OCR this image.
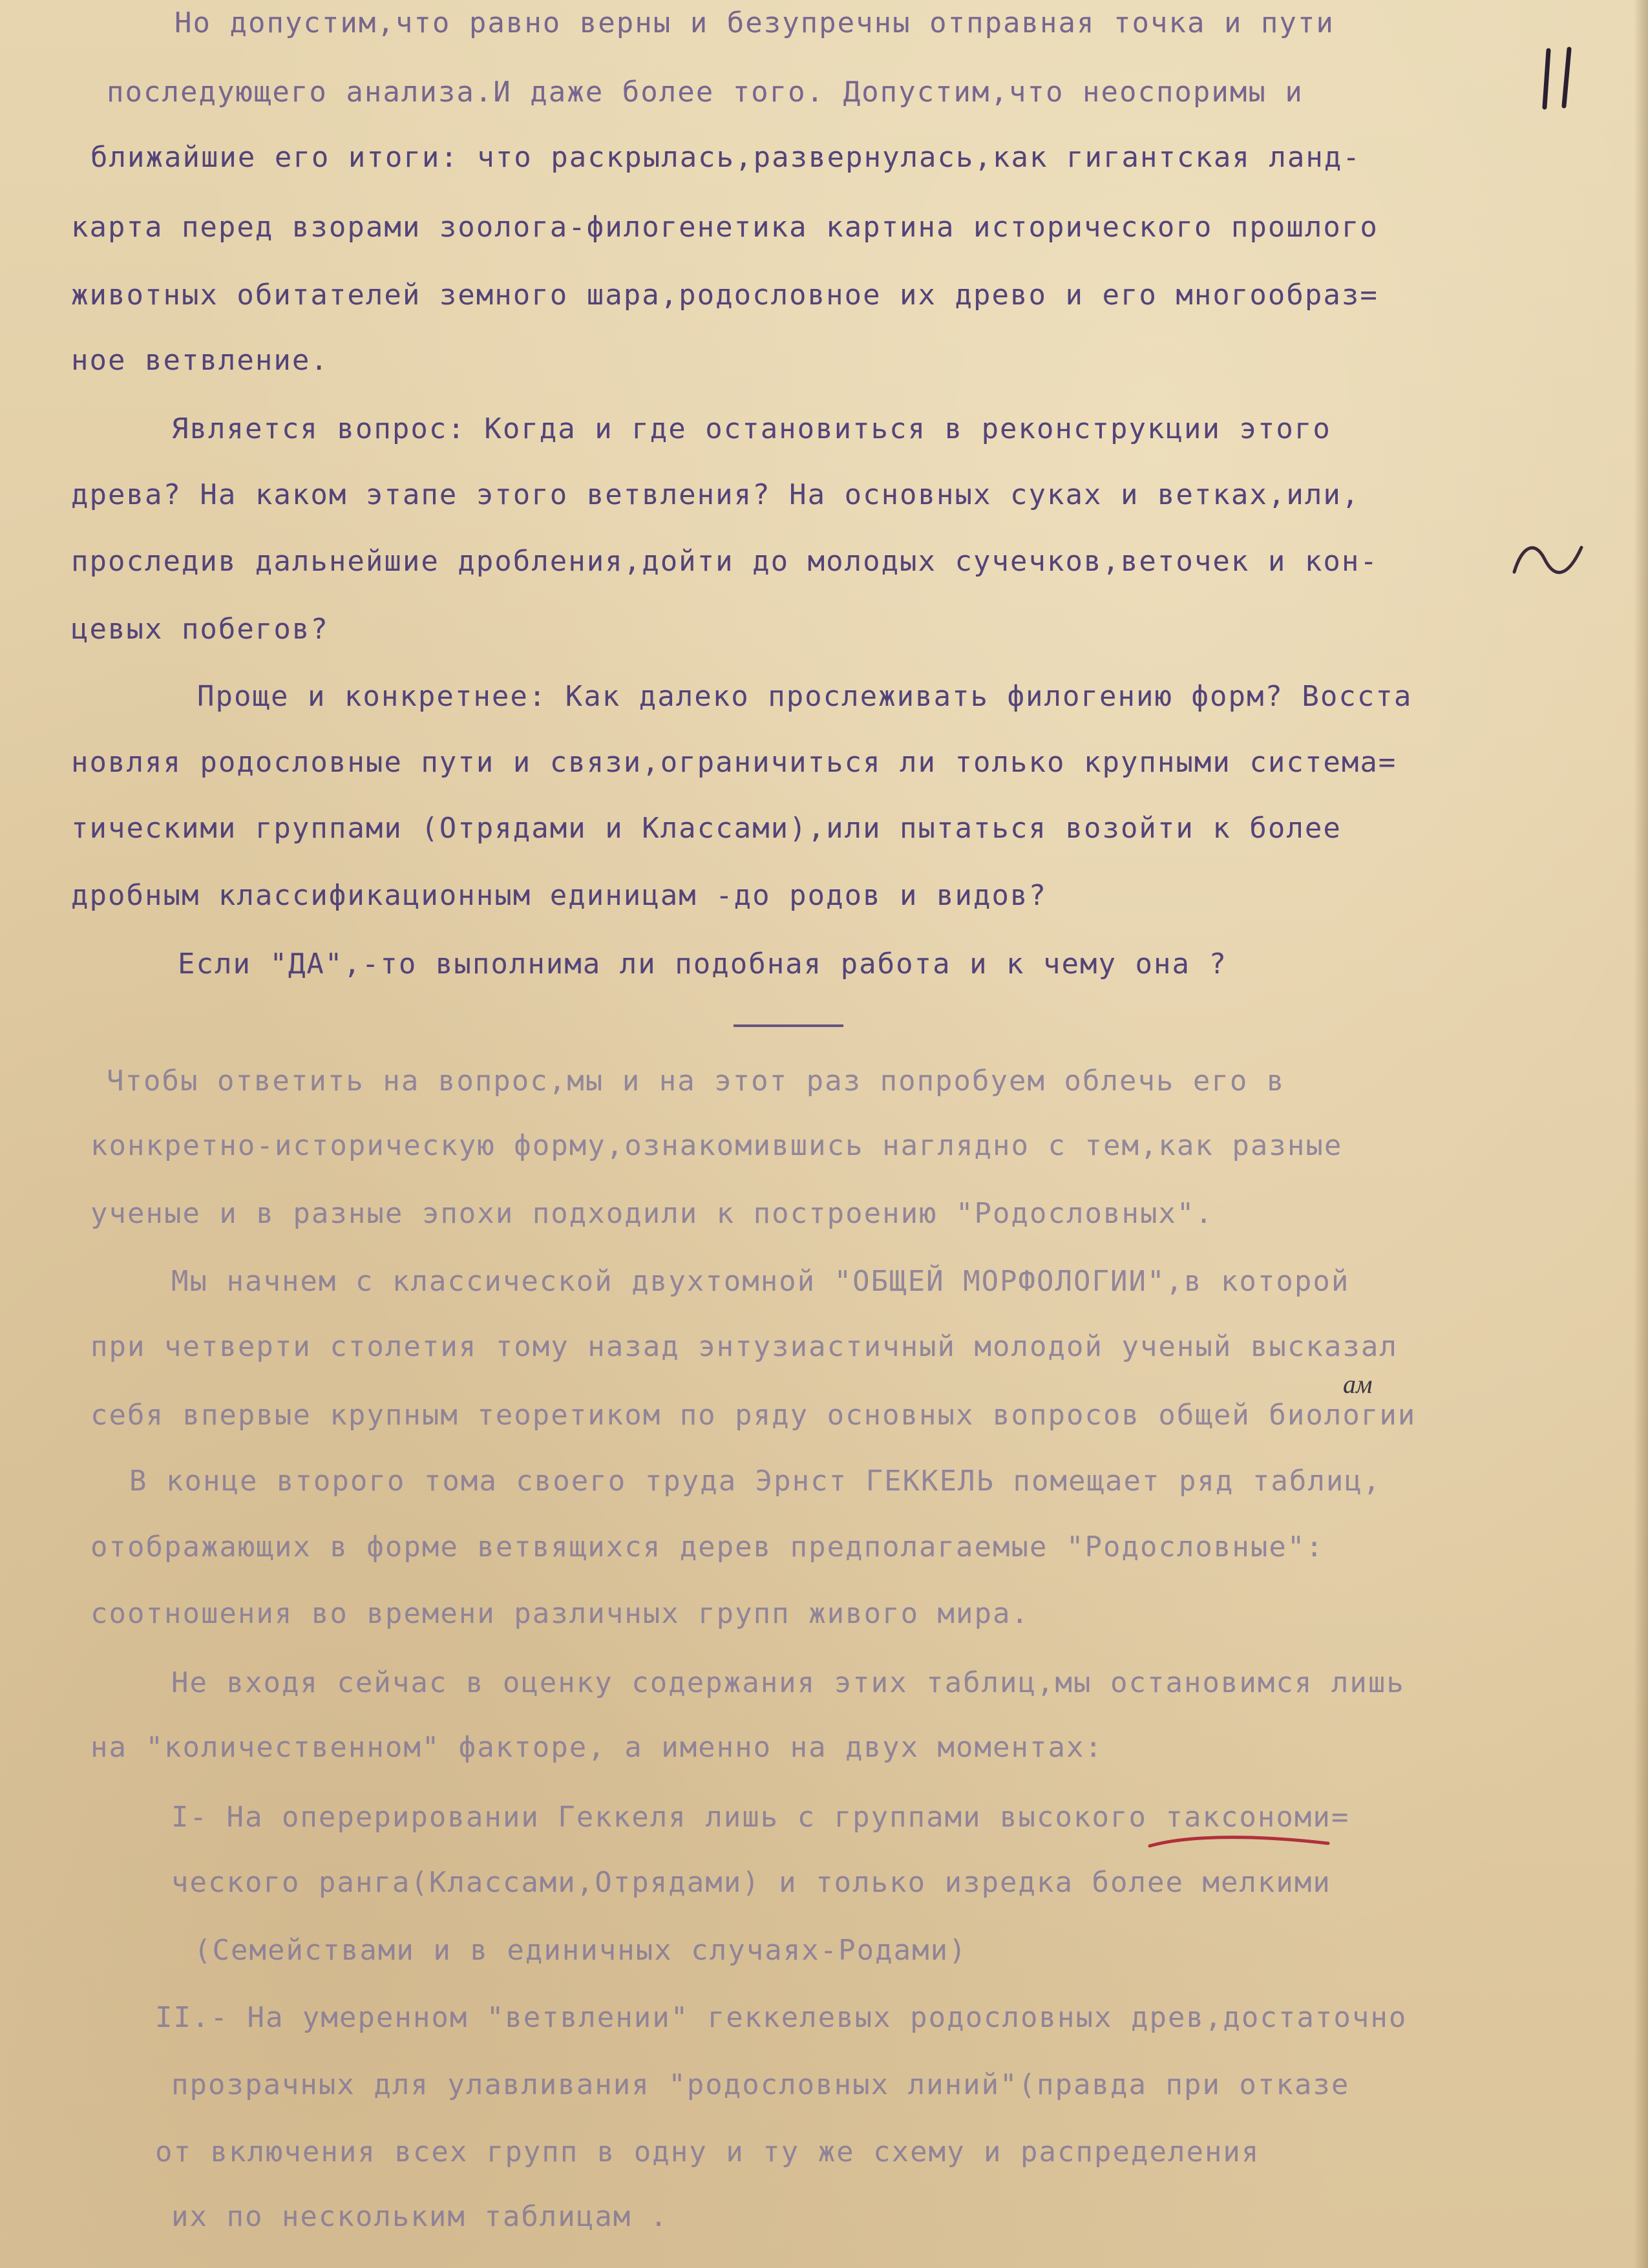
Но допустим,что равно верны и безупречны отправная точка и пути
последующего анализа.И даже более того. Допустим,что неоспоримы и
ближайшие его итоги: что раскрылась,развернулась,как гигантская ланд-
карта перед взорами зоолога-филогенетика картина исторического прошлого
животных обитателей земного шара,родословное их древо и его многообраз=
ное ветвление.
Является вопрос: Когда и где остановиться в реконструкции этого
древа? На каком этапе этого ветвления? На основных суках и ветках,или,
проследив дальнейшие дробления,дойти до молодых сучечков,веточек и кон-
цевых побегов?
Проще и конкретнее: Как далеко прослеживать филогению форм? Восста
новляя родословные пути и связи,ограничиться ли только крупными система=
тическими группами (Отрядами и Классами),или пытаться возойти к более
дробным классификационным единицам -до родов и видов?
Если "ДА",-то выполнима ли подобная работа и к чему она ?
Чтобы ответить на вопрос,мы и на этот раз попробуем облечь его в
конкретно-историческую форму,ознакомившись наглядно с тем,как разные
ученые и в разные эпохи подходили к построению "Родословных".
Мы начнем с классической двухтомной "ОБЩЕЙ МОРФОЛОГИИ",в которой
при четверти столетия тому назад энтузиастичный молодой ученый высказал
себя впервые крупным теоретиком по ряду основных вопросов общей биологии
ам
В конце второго тома своего труда Эрнст ГЕККЕЛЬ помещает ряд таблиц,
отображающих в форме ветвящихся дерев предполагаемые "Родословные":
соотношения во времени различных групп живого мира.
Не входя сейчас в оценку содержания этих таблиц,мы остановимся лишь
на "количественном" факторе, а именно на двух моментах:
I- На оперерировании Геккеля лишь с группами высокого таксономи=
ческого ранга(Классами,Отрядами) и только изредка более мелкими
(Семействами и в единичных случаях-Родами)
II.- На умеренном "ветвлении" геккелевых родословных древ,достаточно
прозрачных для улавливания "родословных линий"(правда при отказе
от включения всех групп в одну и ту же схему и распределения
их по нескольким таблицам .
